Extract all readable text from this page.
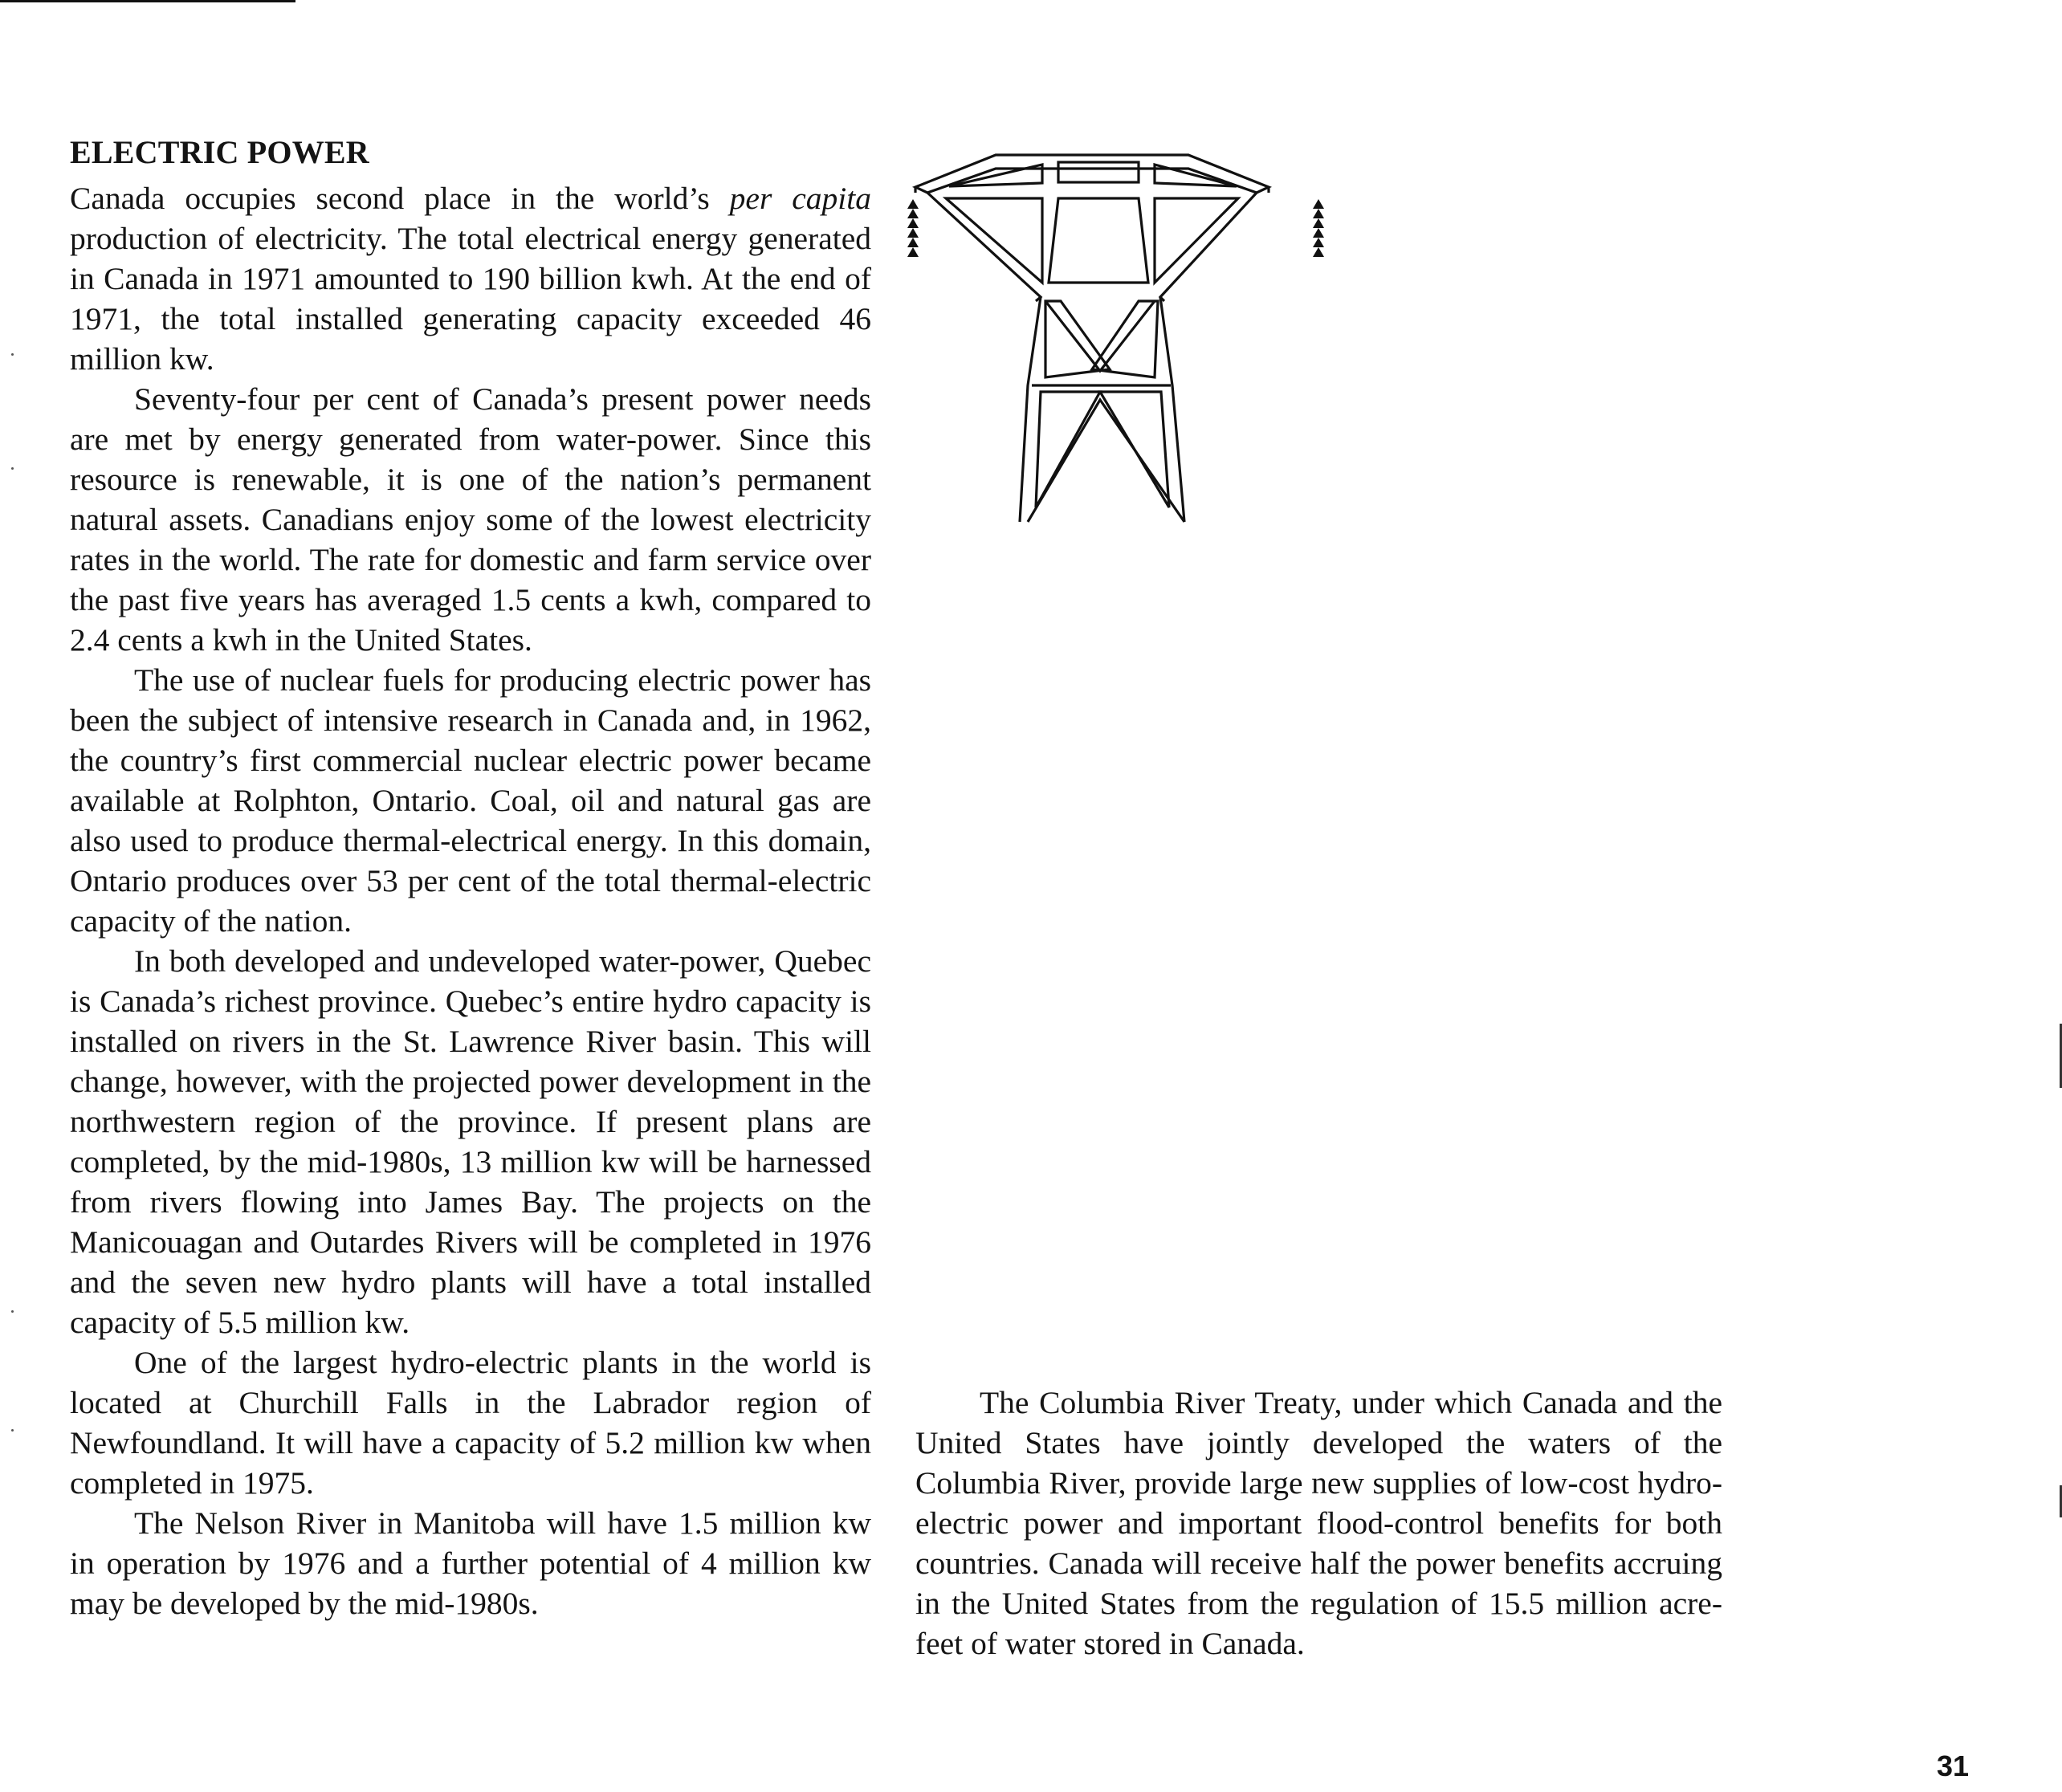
ELECTRIC POWER

Canada occupies second place in the world’s per capita production of electricity. The total electrical energy generated in Canada in 1971 amounted to 190 billion kwh. At the end of 1971, the total installed generating capacity exceeded 46 million kw.

Seventy-four per cent of Canada’s present power needs are met by energy generated from water-power. Since this resource is renewable, it is one of the nation’s permanent natural assets. Canadians enjoy some of the lowest electricity rates in the world. The rate for domestic and farm service over the past five years has averaged 1.5 cents a kwh, compared to 2.4 cents a kwh in the United States.

The use of nuclear fuels for producing electric power has been the subject of intensive research in Canada and, in 1962, the country’s first commercial nuclear electric power became available at Rolphton, Ontario. Coal, oil and natural gas are also used to produce thermal-electrical energy. In this domain, Ontario produces over 53 per cent of the total thermal-electric capacity of the nation.

In both developed and undeveloped water-power, Quebec is Canada’s richest province. Quebec’s entire hydro capacity is installed on rivers in the St. Lawrence River basin. This will change, however, with the projected power development in the northwestern region of the province. If present plans are completed, by the mid-1980s, 13 million kw will be harnessed from rivers flowing into James Bay. The projects on the Manicouagan and Outardes Rivers will be completed in 1976 and the seven new hydro plants will have a total installed capacity of 5.5 million kw.

One of the largest hydro-electric plants in the world is located at Churchill Falls in the Labrador region of Newfoundland. It will have a capacity of 5.2 million kw when completed in 1975.

The Nelson River in Manitoba will have 1.5 million kw in operation by 1976 and a further potential of 4 million kw may be developed by the mid-1980s.

The Columbia River Treaty, under which Canada and the United States have jointly developed the waters of the Columbia River, provide large new supplies of low-cost hydro-electric power and important flood-control benefits for both countries. Canada will receive half the power benefits accruing in the United States from the regulation of 15.5 million acre-feet of water stored in Canada.

31
